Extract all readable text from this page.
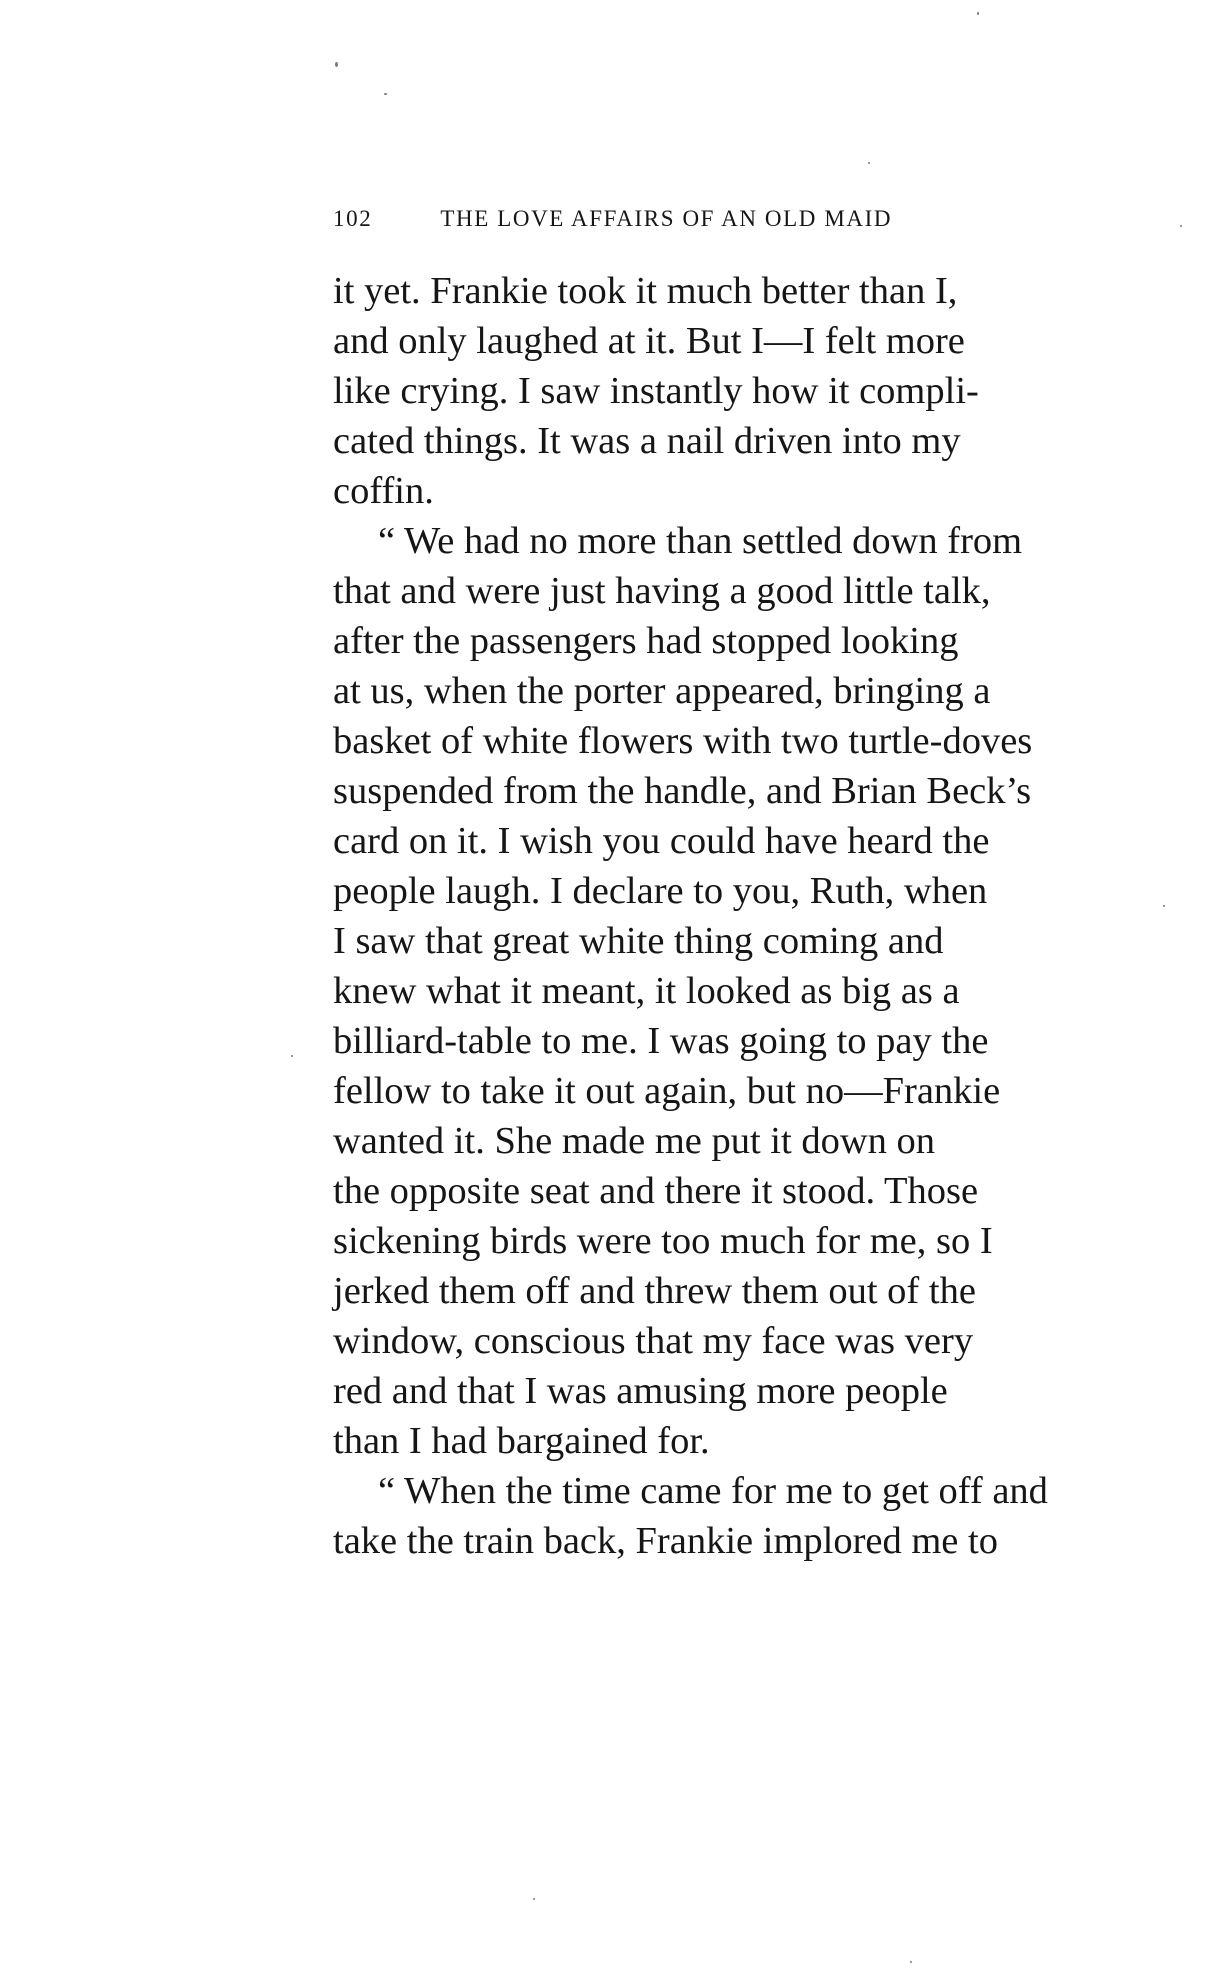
102	THE LOVE AFFAIRS OF AN OLD MAID
it yet. Frankie took it much better than I,
and only laughed at it. But I—I felt more
like crying. I saw instantly how it compli-
cated things. It was a nail driven into my
coffin.
“ We had no more than settled down from
that and were just having a good little talk,
after the passengers had stopped looking
at us, when the porter appeared, bringing a
basket of white flowers with two turtle-doves
suspended from the handle, and Brian Beck’s
card on it. I wish you could have heard the
people laugh. I declare to you, Ruth, when
I saw that great white thing coming and
knew what it meant, it looked as big as a
billiard-table to me. I was going to pay the
fellow to take it out again, but no—Frankie
wanted it. She made me put it down on
the opposite seat and there it stood. Those
sickening birds were too much for me, so I
jerked them off and threw them out of the
window, conscious that my face was very
red and that I was amusing more people
than I had bargained for.
“ When the time came for me to get off and
take the train back, Frankie implored me to
